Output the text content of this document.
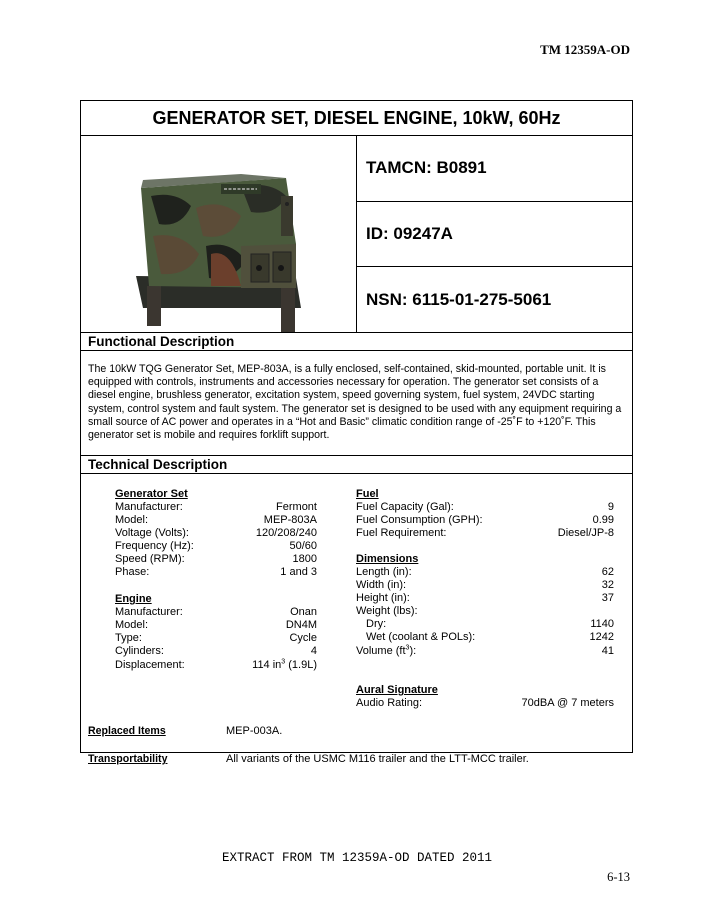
TM 12359A-OD
GENERATOR SET, DIESEL ENGINE, 10kW, 60Hz
TAMCN: B0891
ID: 09247A
NSN: 6115-01-275-5061
Functional Description
The 10kW TQG Generator Set, MEP-803A, is a fully enclosed, self-contained, skid-mounted, portable unit. It is equipped with controls, instruments and accessories necessary for operation. The generator set consists of a diesel engine, brushless generator, excitation system, speed governing system, fuel system, 24VDC starting system, control system and fault system. The generator set is designed to be used with any equipment requiring a small source of AC power and operates in a “Hot and Basic” climatic condition range of -25˚F to +120˚F. This generator set is mobile and requires forklift support.
Technical Description
Generator Set
Manufacturer:	Fermont
Model:	MEP-803A
Voltage (Volts):	120/208/240
Frequency (Hz):	50/60
Speed (RPM):	1800
Phase:	1 and 3
Engine
Manufacturer:	Onan
Model:	DN4M
Type:	Cycle
Cylinders:	4
Displacement:	114 $in^3$ (1.9L)
Fuel
Fuel Capacity (Gal):	9
Fuel Consumption (GPH):	0.99
Fuel Requirement:	Diesel/JP-8
Dimensions
Length (in):	62
Width (in):	32
Height (in):	37
Weight (lbs):
Dry:	1140
Wet (coolant & POLs):	1242
Volume $(ft^3)$:	41
Aural Signature
Audio Rating:	70dBA @ 7 meters
Replaced Items	MEP-003A.
Transportability	All variants of the USMC M116 trailer and the LTT-MCC trailer.
EXTRACT FROM TM 12359A-OD DATED 2011
6-13
